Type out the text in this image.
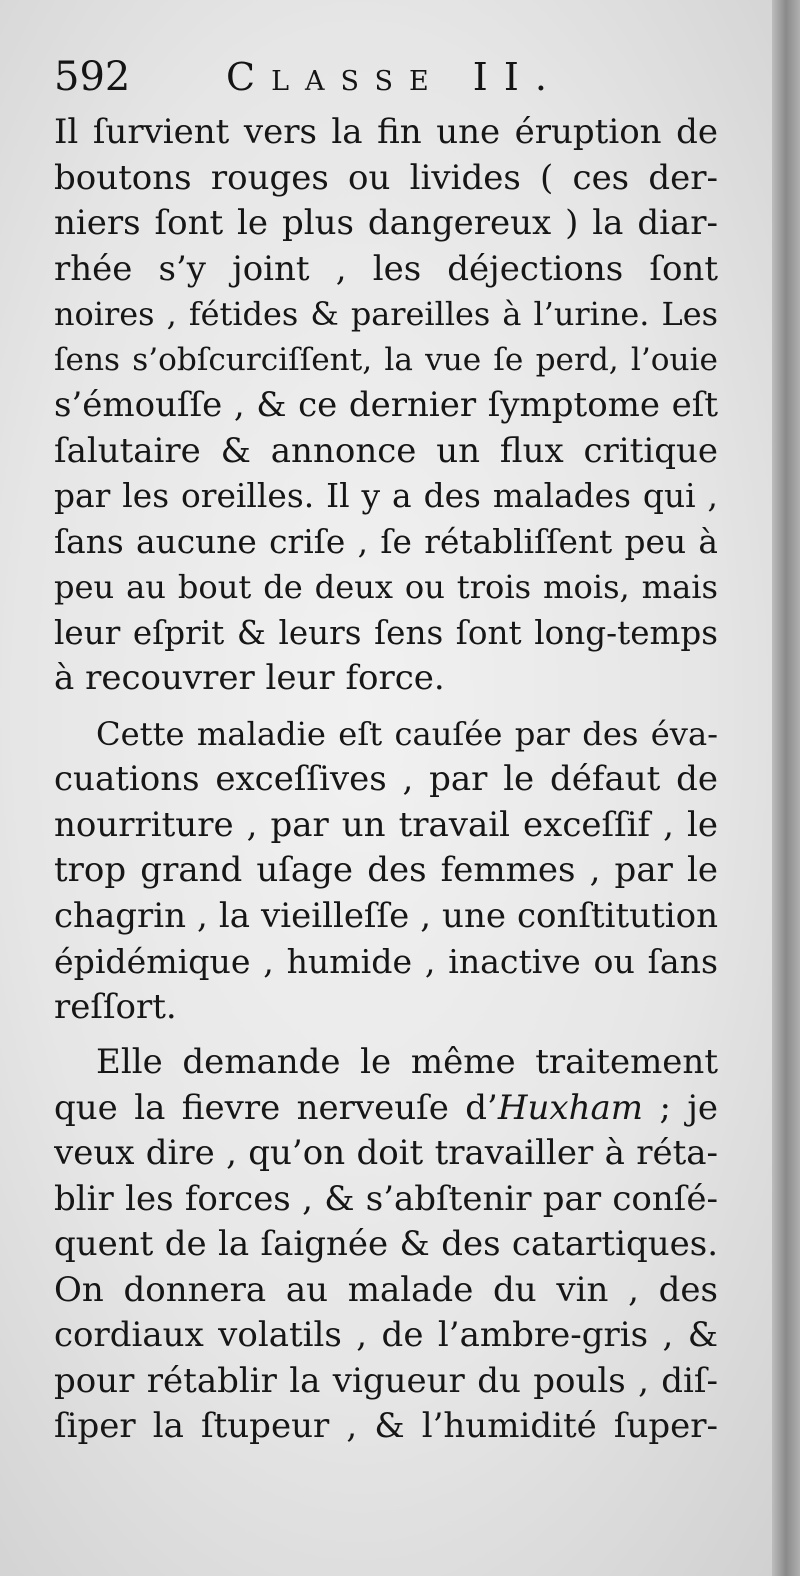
592	Classe II.
Il ſurvient vers la fin une éruption de
boutons rouges ou livides ( ces der-
niers ſont le plus dangereux ) la diar-
rhée s’y joint , les déjections ſont
noires , fétides & pareilles à l’urine. Les
ſens s’obſcurciſſent, la vue ſe perd, l’ouie
s’émouſſe , & ce dernier ſymptome eſt
ſalutaire & annonce un flux critique
par les oreilles. Il y a des malades qui ,
ſans aucune criſe , ſe rétabliſſent peu à
peu au bout de deux ou trois mois, mais
leur eſprit & leurs ſens ſont long-temps
à recouvrer leur force.
Cette maladie eſt cauſée par des éva-
cuations exceſſives , par le défaut de
nourriture , par un travail exceſſif , le
trop grand uſage des femmes , par le
chagrin , la vieilleſſe , une conſtitution
épidémique , humide , inactive ou ſans
reſſort.
Elle demande le même traitement
que la fievre nerveuſe d’Huxham ; je
veux dire , qu’on doit travailler à réta-
blir les forces , & s’abſtenir par conſé-
quent de la ſaignée & des catartiques.
On donnera au malade du vin , des
cordiaux volatils , de l’ambre-gris , &
pour rétablir la vigueur du pouls , diſ-
ſiper la ſtupeur , & l’humidité ſuper-
